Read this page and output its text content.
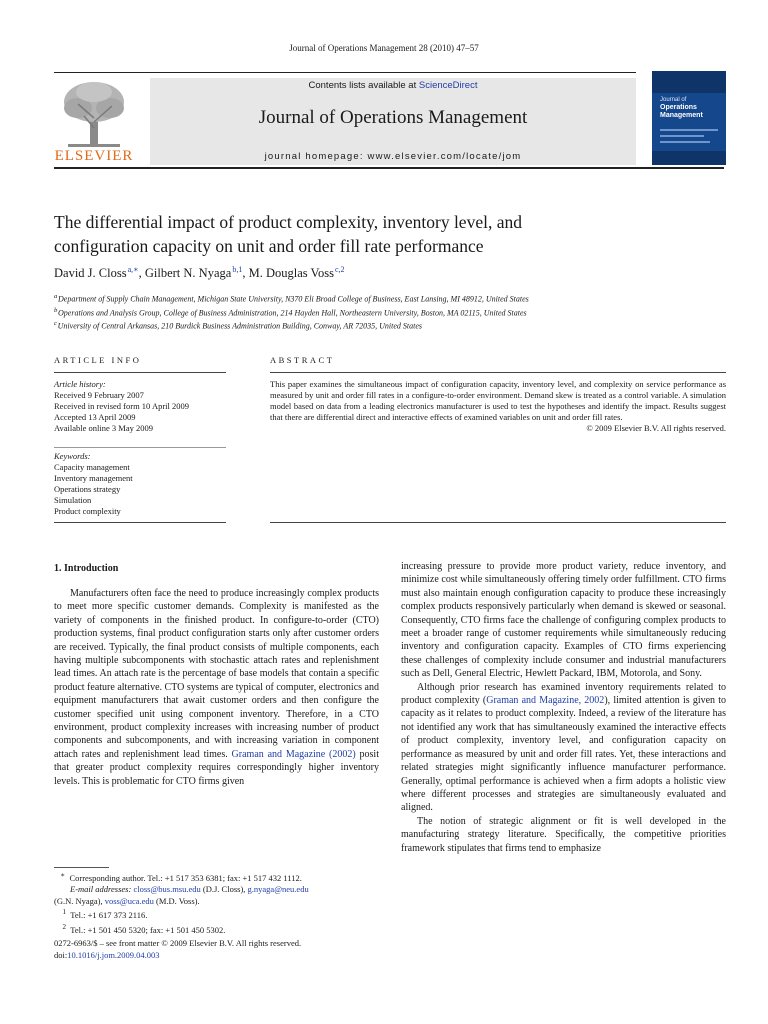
Journal of Operations Management 28 (2010) 47–57
ELSEVIER
Contents lists available at ScienceDirect
Journal of Operations Management
journal homepage: www.elsevier.com/locate/jom
Journal of
Operations
Management
The differential impact of product complexity, inventory level, and
configuration capacity on unit and order fill rate performance
David J. Closs $^{a,∗}$, Gilbert N. Nyaga $^{b,1}$, M. Douglas Voss $^{c,2}$
$^a$ Department of Supply Chain Management, Michigan State University, N370 Eli Broad College of Business, East Lansing, MI 48912, United States
$^b$ Operations and Analysis Group, College of Business Administration, 214 Hayden Hall, Northeastern University, Boston, MA 02115, United States
$^c$ University of Central Arkansas, 210 Burdick Business Administration Building, Conway, AR 72035, United States
ARTICLE INFO	ABSTRACT
Article history:
Received 9 February 2007
Received in revised form 10 April 2009
Accepted 13 April 2009
Available online 3 May 2009
Keywords:
Capacity management
Inventory management
Operations strategy
Simulation
Product complexity
This paper examines the simultaneous impact of configuration capacity, inventory level, and complexity on service performance as measured by unit and order fill rates in a configure-to-order environment. Demand skew is treated as a control variable. A simulation model based on data from a leading electronics manufacturer is used to test the hypotheses and identify the impact. Results suggest that there are differential direct and interactive effects of examined variables on unit and order fill rates.
© 2009 Elsevier B.V. All rights reserved.
1. Introduction

Manufacturers often face the need to produce increasingly complex products to meet more specific customer demands. Complexity is manifested as the variety of components in the finished product. In configure-to-order (CTO) production systems, final product configuration starts only after customer orders are received. Typically, the final product consists of multiple components, each having multiple subcomponents with stochastic attach rates and replenishment lead times. An attach rate is the percentage of base models that contain a specific product feature alternative. CTO systems are typical of computer, electronics and equipment manufacturers that await customer orders and then configure the customer specified unit using component inventory. Therefore, in a CTO environment, product complexity increases with increasing number of product components and subcomponents, and with increasing variation in component attach rates and replenishment lead times. Graman and Magazine (2002) posit that greater product complexity requires correspondingly higher inventory levels. This is problematic for CTO firms given

increasing pressure to provide more product variety, reduce inventory, and minimize cost while simultaneously offering timely order fulfillment. CTO firms must also maintain enough configuration capacity to produce these increasingly complex products responsively particularly when demand is skewed or seasonal. Consequently, CTO firms face the challenge of configuring complex products to meet a broader range of customer requirements while simultaneously reducing inventory and configuration capacity. Examples of CTO firms experiencing these challenges of complexity include consumer and industrial manufacturers such as Dell, General Electric, Hewlett Packard, IBM, Motorola, and Sony.

Although prior research has examined inventory requirements related to product complexity (Graman and Magazine, 2002), limited attention is given to capacity as it relates to product complexity. Indeed, a review of the literature has not identified any work that has simultaneously examined the interactive effects of product complexity, inventory level, and configuration capacity on performance as measured by unit and order fill rates. Yet, these interactions and related strategies might significantly influence manufacturer performance. Generally, optimal performance is achieved when a firm adopts a holistic view where different processes and strategies are simultaneously evaluated and aligned.

The notion of strategic alignment or fit is well developed in the manufacturing strategy literature. Specifically, the competitive priorities framework stipulates that firms tend to emphasize

∗ Corresponding author. Tel.: +1 517 353 6381; fax: +1 517 432 1112.
E-mail addresses: closs@bus.msu.edu (D.J. Closs), g.nyaga@neu.edu
(G.N. Nyaga), voss@uca.edu (M.D. Voss).
$^1$ Tel.: +1 617 373 2116.
$^2$ Tel.: +1 501 450 5320; fax: +1 501 450 5302.
0272-6963/$ – see front matter © 2009 Elsevier B.V. All rights reserved.
doi:10.1016/j.jom.2009.04.003
